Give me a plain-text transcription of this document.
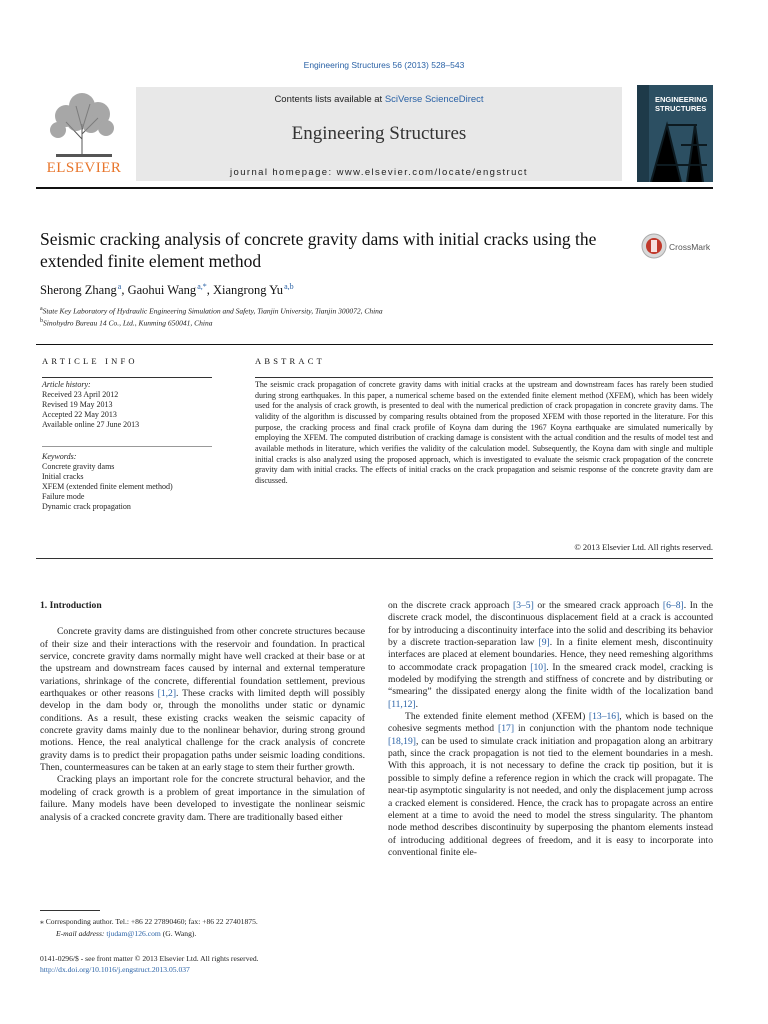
Engineering Structures 56 (2013) 528–543
ELSEVIER
Contents lists available at SciVerse ScienceDirect
Engineering Structures
journal homepage: www.elsevier.com/locate/engstruct
ENGINEERING
STRUCTURES
Seismic cracking analysis of concrete gravity dams with initial cracks using the extended finite element method
CrossMark
Sherong Zhang $^a$, Gaohui Wang $^{a,*}$, Xiangrong Yu $^{a,b}$
$^a$State Key Laboratory of Hydraulic Engineering Simulation and Safety, Tianjin University, Tianjin 300072, China
$^b$Sinohydro Bureau 14 Co., Ltd., Kunming 650041, China
ARTICLE INFO
Article history:
Received 23 April 2012
Revised 19 May 2013
Accepted 22 May 2013
Available online 27 June 2013
Keywords:
Concrete gravity dams
Initial cracks
XFEM (extended finite element method)
Failure mode
Dynamic crack propagation
ABSTRACT
The seismic crack propagation of concrete gravity dams with initial cracks at the upstream and downstream faces has rarely been studied during strong earthquakes. In this paper, a numerical scheme based on the extended finite element method (XFEM), which has been widely used for the analysis of crack growth, is presented to deal with the numerical prediction of crack propagation in concrete gravity dams. The validity of the algorithm is discussed by comparing results obtained from the proposed XFEM with those reported in the literature. For this purpose, the cracking process and final crack profile of Koyna dam during the 1967 Koyna earthquake are simulated numerically by employing the XFEM. The computed distribution of cracking damage is consistent with the actual condition and the results of model test and available methods in literature, which verifies the validity of the calculation model. Subsequently, the Koyna dam with single and multiple initial cracks is also analyzed using the proposed approach, which is investigated to evaluate the seismic crack propagation of the concrete gravity dam with initial cracks. The effects of initial cracks on the crack propagation and seismic response of the concrete gravity dam are discussed.
© 2013 Elsevier Ltd. All rights reserved.
1. Introduction

Concrete gravity dams are distinguished from other concrete structures because of their size and their interactions with the reservoir and foundation. In practical service, concrete gravity dams normally might have well cracked at their base or at the upstream and downstream faces caused by internal and external temperature variations, shrinkage of the concrete, differential foundation settlement, previous earthquakes or other reasons [1,2]. These cracks with limited depth will possibly develop in the dam body or, through the monoliths under static or dynamic conditions. As a result, these existing cracks weaken the seismic capacity of concrete gravity dams mainly due to the nonlinear behavior, during strong ground motions. Hence, the real analytical challenge for the crack analysis of concrete gravity dams is to predict their propagation paths under seismic loading conditions. Then, countermeasures can be taken at an early stage to stem their further growth.

Cracking plays an important role for the concrete structural behavior, and the modeling of crack growth is a problem of great importance in the simulation of failure. Many models have been developed to investigate the nonlinear seismic analysis of a cracked concrete gravity dam. There are traditionally based either

on the discrete crack approach [3–5] or the smeared crack approach [6–8]. In the discrete crack model, the discontinuous displacement field at a crack is accounted for by introducing a discontinuity interface into the solid and describing its behavior by a discrete traction-separation law [9]. In a finite element mesh, discontinuity interfaces are placed at element boundaries. Hence, they need remeshing algorithms to accommodate crack propagation [10]. In the smeared crack model, cracking is modeled by modifying the strength and stiffness of concrete and by distributing or “smearing” the dissipated energy along the finite width of the localization band [11,12].

The extended finite element method (XFEM) [13–16], which is based on the cohesive segments method [17] in conjunction with the phantom node technique [18,19], can be used to simulate crack initiation and propagation along an arbitrary path, since the crack propagation is not tied to the element boundaries in a mesh. With this approach, it is not necessary to define the crack tip position, but it is possible to simply define a reference region in which the crack will propagate. The near-tip asymptotic singularity is not needed, and only the displacement jump across a cracked element is considered. Hence, the crack has to propagate across an entire element at a time to avoid the need to model the stress singularity. The phantom node method describes discontinuity by superposing the phantom elements instead of introducing additional degrees of freedom, and it is easy to incorporate into conventional finite ele-

⁎ Corresponding author. Tel.: +86 22 27890460; fax: +86 22 27401875.
E-mail address: tjudam@126.com (G. Wang).
0141-0296/$ - see front matter © 2013 Elsevier Ltd. All rights reserved.
http://dx.doi.org/10.1016/j.engstruct.2013.05.037
